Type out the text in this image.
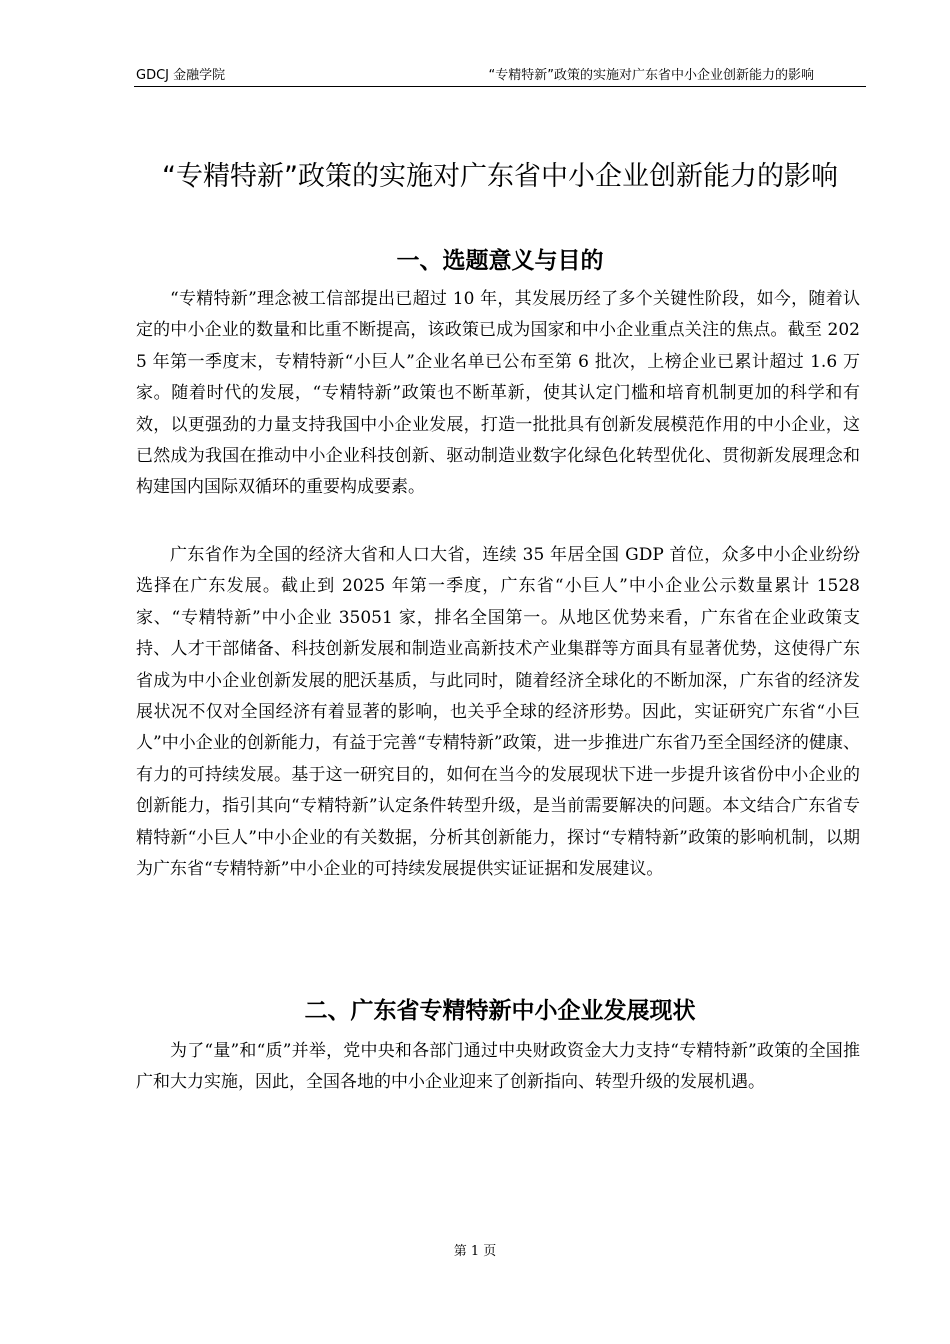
GDCJ 金融学院	“专精特新”政策的实施对广东省中小企业创新能力的影响
“专精特新”政策的实施对广东省中小企业创新能力的影响
一、选题意义与目的

“专精特新”理念被工信部提出已超过 10 年，其发展历经了多个关键性阶段，如今，随着认定的中小企业的数量和比重不断提高，该政策已成为国家和中小企业重点关注的焦点。截至 2025 年第一季度末，专精特新“小巨人”企业名单已公布至第 6 批次，上榜企业已累计超过 1.6 万家。随着时代的发展，“专精特新”政策也不断革新，使其认定门槛和培育机制更加的科学和有效，以更强劲的力量支持我国中小企业发展，打造一批批具有创新发展模范作用的中小企业，这已然成为我国在推动中小企业科技创新、驱动制造业数字化绿色化转型优化、贯彻新发展理念和构建国内国际双循环的重要构成要素。

广东省作为全国的经济大省和人口大省，连续 35 年居全国 GDP 首位，众多中小企业纷纷选择在广东发展。截止到 2025 年第一季度，广东省“小巨人”中小企业公示数量累计 1528 家、“专精特新”中小企业 35051 家，排名全国第一。从地区优势来看，广东省在企业政策支持、人才干部储备、科技创新发展和制造业高新技术产业集群等方面具有显著优势，这使得广东省成为中小企业创新发展的肥沃基质，与此同时，随着经济全球化的不断加深，广东省的经济发展状况不仅对全国经济有着显著的影响，也关乎全球的经济形势。因此，实证研究广东省“小巨人”中小企业的创新能力，有益于完善“专精特新”政策，进一步推进广东省乃至全国经济的健康、有力的可持续发展。基于这一研究目的，如何在当今的发展现状下进一步提升该省份中小企业的创新能力，指引其向“专精特新”认定条件转型升级，是当前需要解决的问题。本文结合广东省专精特新“小巨人”中小企业的有关数据，分析其创新能力，探讨“专精特新”政策的影响机制，以期为广东省“专精特新”中小企业的可持续发展提供实证证据和发展建议。

二、广东省专精特新中小企业发展现状

为了“量”和“质”并举，党中央和各部门通过中央财政资金大力支持“专精特新”政策的全国推广和大力实施，因此，全国各地的中小企业迎来了创新指向、转型升级的发展机遇。

第 1 页
